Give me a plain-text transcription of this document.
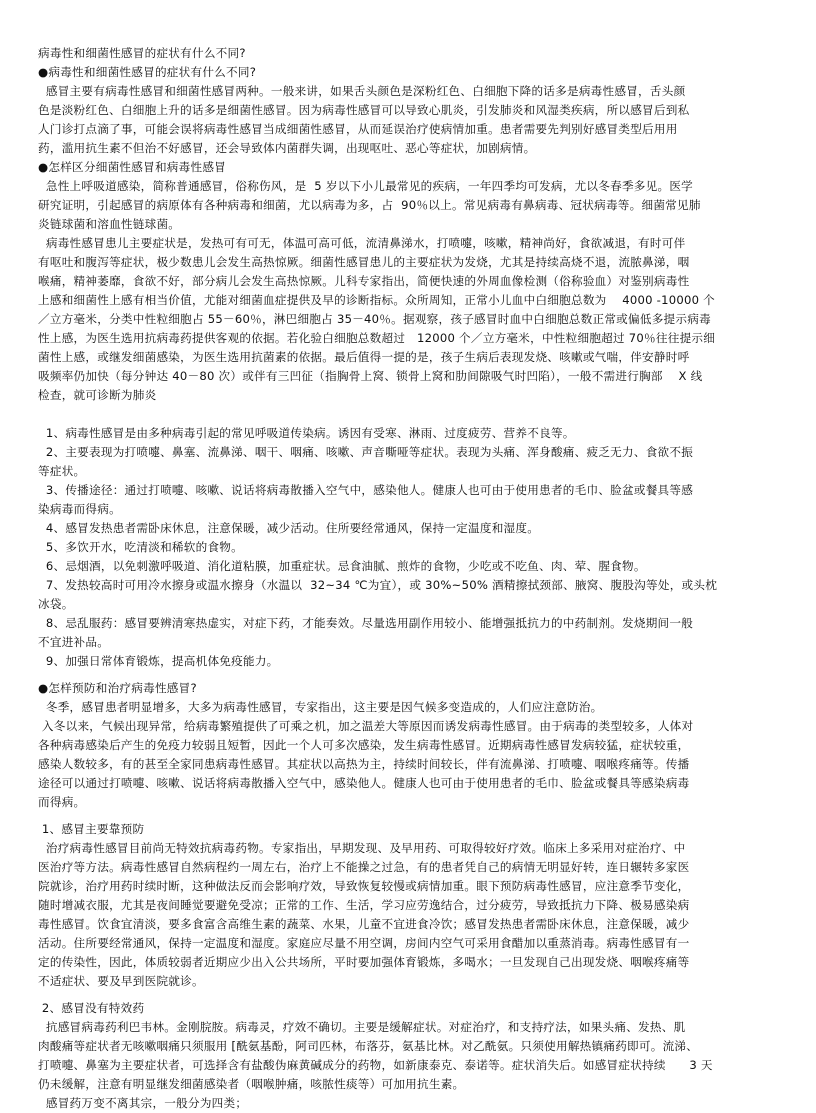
病毒性和细菌性感冒的症状有什么不同?
●病毒性和细菌性感冒的症状有什么不同?
感冒主要有病毒性感冒和细菌性感冒两种。一般来讲，如果舌头颜色是深粉红色、白细胞下降的话多是病毒性感冒，舌头颜
色是淡粉红色、白细胞上升的话多是细菌性感冒。因为病毒性感冒可以导致心肌炎，引发肺炎和风湿类疾病，所以感冒后到私
人门诊打点滴了事，可能会误将病毒性感冒当成细菌性感冒，从而延误治疗使病情加重。患者需要先判别好感冒类型后用用
药，滥用抗生素不但治不好感冒，还会导致体内菌群失调，出现呕吐、恶心等症状，加剧病情。
●怎样区分细菌性感冒和病毒性感冒
急性上呼吸道感染，简称普通感冒，俗称伤风，是  5 岁以下小儿最常见的疾病，一年四季均可发病，尤以冬春季多见。医学
研究证明，引起感冒的病原体有各种病毒和细菌，尤以病毒为多，占  90％以上。常见病毒有鼻病毒、冠状病毒等。细菌常见肺
炎链球菌和溶血性链球菌。
病毒性感冒患儿主要症状是，发热可有可无，体温可高可低，流清鼻涕水，打喷嚏，咳嗽，精神尚好，食欲减退，有时可伴
有呕吐和腹泻等症状，极少数患儿会发生高热惊厥。细菌性感冒患儿的主要症状为发烧，尤其是持续高烧不退，流脓鼻涕，咽
喉痛，精神萎靡，食欲不好，部分病儿会发生高热惊厥。儿科专家指出，简便快速的外周血像检测（俗称验血）对鉴别病毒性
上感和细菌性上感有相当价值，尤能对细菌血症提供及早的诊断指标。众所周知，正常小儿血中白细胞总数为    4000 -10000 个
／立方毫米，分类中性粒细胞占 55－60％，淋巴细胞占 35－40％。据观察，孩子感冒时血中白细胞总数正常或偏低多提示病毒
性上感，为医生选用抗病毒药提供客观的依据。若化验白细胞总数超过   12000 个／立方毫米，中性粒细胞超过 70％往往提示细
菌性上感，或继发细菌感染，为医生选用抗菌素的依据。最后值得一提的是，孩子生病后表现发烧、咳嗽或气喘，伴安静时呼
吸频率仍加快（每分钟达 40－80 次）或伴有三凹征（指胸骨上窝、锁骨上窝和肋间隙吸气时凹陷），一般不需进行胸部    X 线
检查，就可诊断为肺炎
1、病毒性感冒是由多种病毒引起的常见呼吸道传染病。诱因有受寒、淋雨、过度疲劳、营养不良等。
2、主要表现为打喷嚏、鼻塞、流鼻涕、咽干、咽痛、咳嗽、声音嘶哑等症状。表现为头痛、浑身酸痛、疲乏无力、食欲不振
等症状。
3、传播途径：通过打喷嚏、咳嗽、说话将病毒散播入空气中，感染他人。健康人也可由于使用患者的毛巾、脸盆或餐具等感
染病毒而得病。
4、感冒发热患者需卧床休息，注意保暖，减少活动。住所要经常通风，保持一定温度和湿度。
5、多饮开水，吃清淡和稀软的食物。
6、忌烟酒，以免刺激呼吸道、消化道粘膜，加重症状。忌食油腻、煎炸的食物，少吃或不吃鱼、肉、荤、腥食物。
7、发热较高时可用冷水擦身或温水擦身（水温以  32~34 ℃为宜），或 30%~50% 酒精擦拭颈部、腋窝、腹股沟等处，或头枕
冰袋。
8、忌乱服药：感冒要辨清寒热虚实，对症下药，才能奏效。尽量选用副作用较小、能增强抵抗力的中药制剂。发烧期间一般
不宜进补品。
9、加强日常体育锻炼，提高机体免疫能力。
●怎样预防和治疗病毒性感冒?
冬季，感冒患者明显增多，大多为病毒性感冒，专家指出，这主要是因气候多变造成的，人们应注意防治。
入冬以来，气候出现异常，给病毒繁殖提供了可乘之机，加之温差大等原因而诱发病毒性感冒。由于病毒的类型较多，人体对
各种病毒感染后产生的免疫力较弱且短暂，因此一个人可多次感染，发生病毒性感冒。近期病毒性感冒发病较猛，症状较重，
感染人数较多，有的甚至全家同患病毒性感冒。其症状以高热为主，持续时间较长，伴有流鼻涕、打喷嚏、咽喉疼痛等。传播
途径可以通过打喷嚏、咳嗽、说话将病毒散播入空气中，感染他人。健康人也可由于使用患者的毛巾、脸盆或餐具等感染病毒
而得病。
1、感冒主要靠预防
治疗病毒性感冒目前尚无特效抗病毒药物。专家指出，早期发现、及早用药、可取得较好疗效。临床上多采用对症治疗、中
医治疗等方法。病毒性感冒自然病程约一周左右，治疗上不能操之过急，有的患者凭自己的病情无明显好转，连日辗转多家医
院就诊，治疗用药时续时断，这种做法反而会影响疗效，导致恢复较慢或病情加重。眼下预防病毒性感冒，应注意季节变化，
随时增减衣服，尤其是夜间睡觉要避免受凉；正常的工作、生活，学习应劳逸结合，过分疲劳，导致抵抗力下降、极易感染病
毒性感冒。饮食宜清淡，要多食富含高维生素的蔬菜、水果，儿童不宜进食冷饮；感冒发热患者需卧床休息，注意保暖，减少
活动。住所要经常通风，保持一定温度和湿度。家庭应尽量不用空调，房间内空气可采用食醋加以重蒸消毒。病毒性感冒有一
定的传染性，因此，体质较弱者近期应少出入公共场所，平时要加强体育锻炼，多喝水；一旦发现自己出现发烧、咽喉疼痛等
不适症状、要及早到医院就诊。
2、感冒没有特效药
抗感冒病毒药利巴韦林。金刚脘胺。病毒灵，疗效不确切。主要是缓解症状。对症治疗，和支持疗法，如果头痛、发热、肌
肉酸痛等症状者无咳嗽咽痛只须服用 [酰氨基酚，阿司匹林，布落芬，氨基比林。对乙酰氨。只须使用解热镇痛药即可。流涕、
打喷嚏、鼻塞为主要症状者，可选择含有盐酸伪麻黄碱成分的药物，如新康泰克、泰诺等。症状消失后。如感冒症状持续      3 天
仍未缓解，注意有明显继发细菌感染者（咽喉肿痛，咳脓性痰等）可加用抗生素。
感冒药万变不离其宗，一般分为四类；
